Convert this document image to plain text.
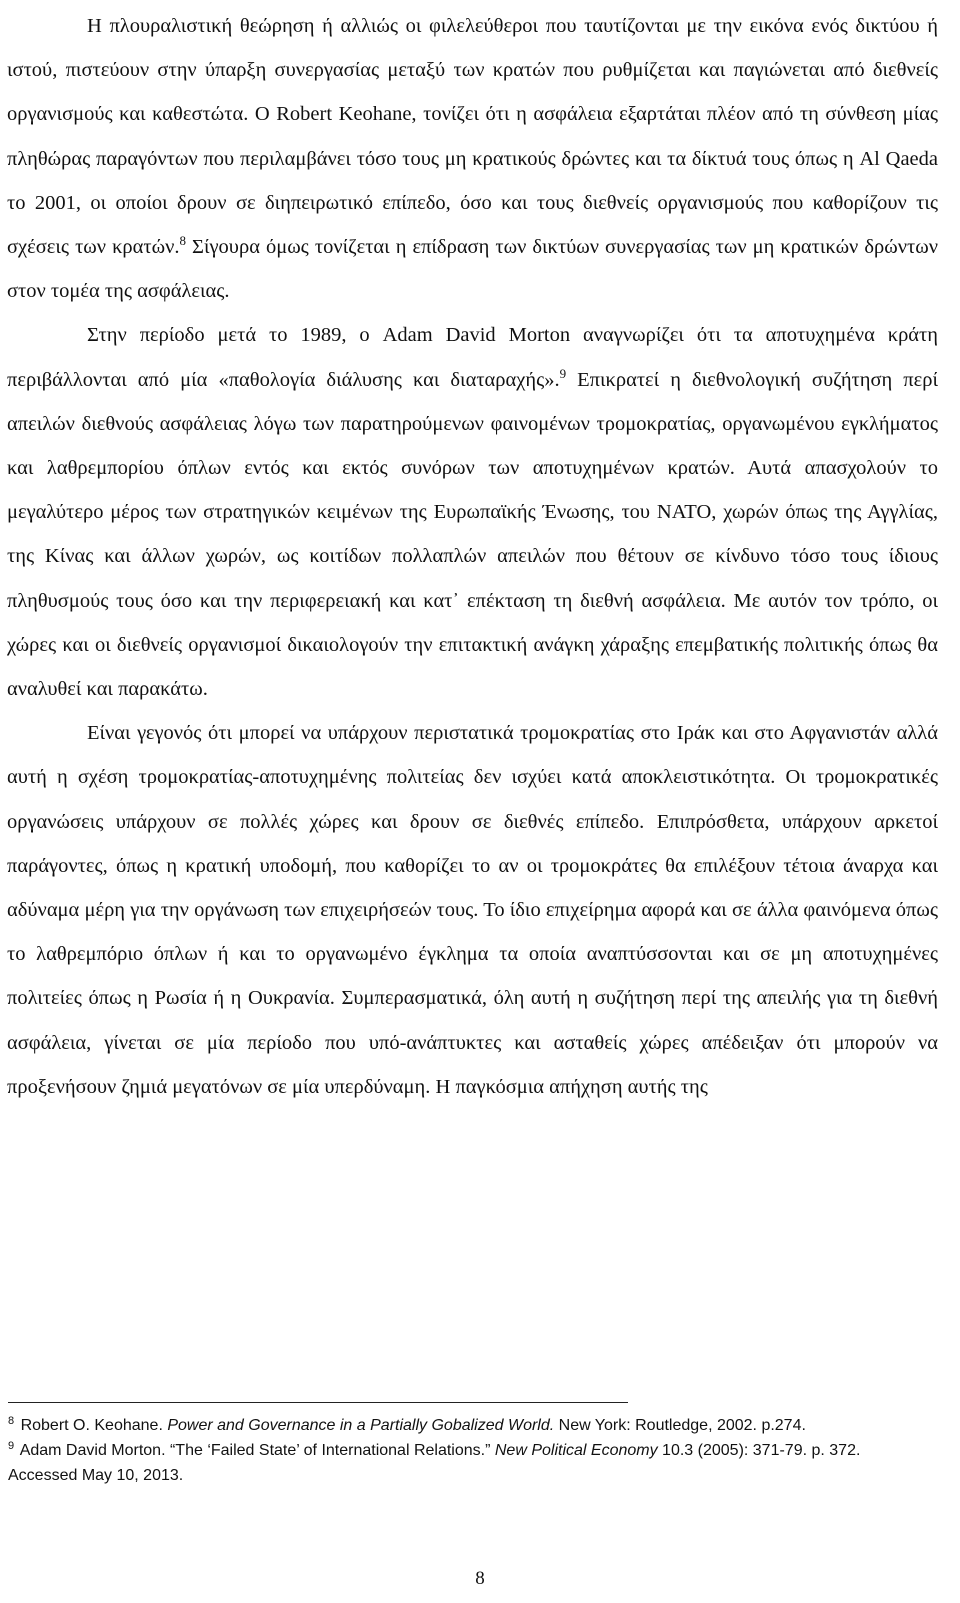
Η πλουραλιστική θεώρηση ή αλλιώς οι φιλελεύθεροι που ταυτίζονται με την εικόνα ενός δικτύου ή ιστού, πιστεύουν στην ύπαρξη συνεργασίας μεταξύ των κρατών που ρυθμίζεται και παγιώνεται από διεθνείς οργανισμούς και καθεστώτα. Ο Robert Keohane, τονίζει ότι η ασφάλεια εξαρτάται πλέον από τη σύνθεση μίας πληθώρας παραγόντων που περιλαμβάνει τόσο τους μη κρατικούς δρώντες και τα δίκτυά τους όπως η Al Qaeda το 2001, οι οποίοι δρουν σε διηπειρωτικό επίπεδο, όσο και τους διεθνείς οργανισμούς που καθορίζουν τις σχέσεις των κρατών.$^8$ Σίγουρα όμως τονίζεται η επίδραση των δικτύων συνεργασίας των μη κρατικών δρώντων στον τομέα της ασφάλειας.

Στην περίοδο μετά το 1989, ο Adam David Morton αναγνωρίζει ότι τα αποτυχημένα κράτη περιβάλλονται από μία «παθολογία διάλυσης και διαταραχής».$^9$ Επικρατεί η διεθνολογική συζήτηση περί απειλών διεθνούς ασφάλειας λόγω των παρατηρούμενων φαινομένων τρομοκρατίας, οργανωμένου εγκλήματος και λαθρεμπορίου όπλων εντός και εκτός συνόρων των αποτυχημένων κρατών. Αυτά απασχολούν το μεγαλύτερο μέρος των στρατηγικών κειμένων της Ευρωπαϊκής Ένωσης, του ΝΑΤΟ, χωρών όπως της Αγγλίας, της Κίνας και άλλων χωρών, ως κοιτίδων πολλαπλών απειλών που θέτουν σε κίνδυνο τόσο τους ίδιους πληθυσμούς τους όσο και την περιφερειακή και κατ᾽ επέκταση τη διεθνή ασφάλεια. Με αυτόν τον τρόπο, οι χώρες και οι διεθνείς οργανισμοί δικαιολογούν την επιτακτική ανάγκη χάραξης επεμβατικής πολιτικής όπως θα αναλυθεί και παρακάτω.

Είναι γεγονός ότι μπορεί να υπάρχουν περιστατικά τρομοκρατίας στο Ιράκ και στο Αφγανιστάν αλλά αυτή η σχέση τρομοκρατίας-αποτυχημένης πολιτείας δεν ισχύει κατά αποκλειστικότητα. Οι τρομοκρατικές οργανώσεις υπάρχουν σε πολλές χώρες και δρουν σε διεθνές επίπεδο. Επιπρόσθετα, υπάρχουν αρκετοί παράγοντες, όπως η κρατική υποδομή, που καθορίζει το αν οι τρομοκράτες θα επιλέξουν τέτοια άναρχα και αδύναμα μέρη για την οργάνωση των επιχειρήσεών τους. Το ίδιο επιχείρημα αφορά και σε άλλα φαινόμενα όπως το λαθρεμπόριο όπλων ή και το οργανωμένο έγκλημα τα οποία αναπτύσσονται και σε μη αποτυχημένες πολιτείες όπως η Ρωσία ή η Ουκρανία. Συμπερασματικά, όλη αυτή η συζήτηση περί της απειλής για τη διεθνή ασφάλεια, γίνεται σε μία περίοδο που υπό-ανάπτυκτες και ασταθείς χώρες απέδειξαν ότι μπορούν να προξενήσουν ζημιά μεγατόνων σε μία υπερδύναμη. Η παγκόσμια απήχηση αυτής της

$^8$ Robert O. Keohane. Power and Governance in a Partially Gobalized World. New York: Routledge, 2002. p.274.

$^9$ Adam David Morton. “The ‘Failed State’ of International Relations.” New Political Economy 10.3 (2005): 371-79. p. 372. Accessed May 10, 2013.

8
